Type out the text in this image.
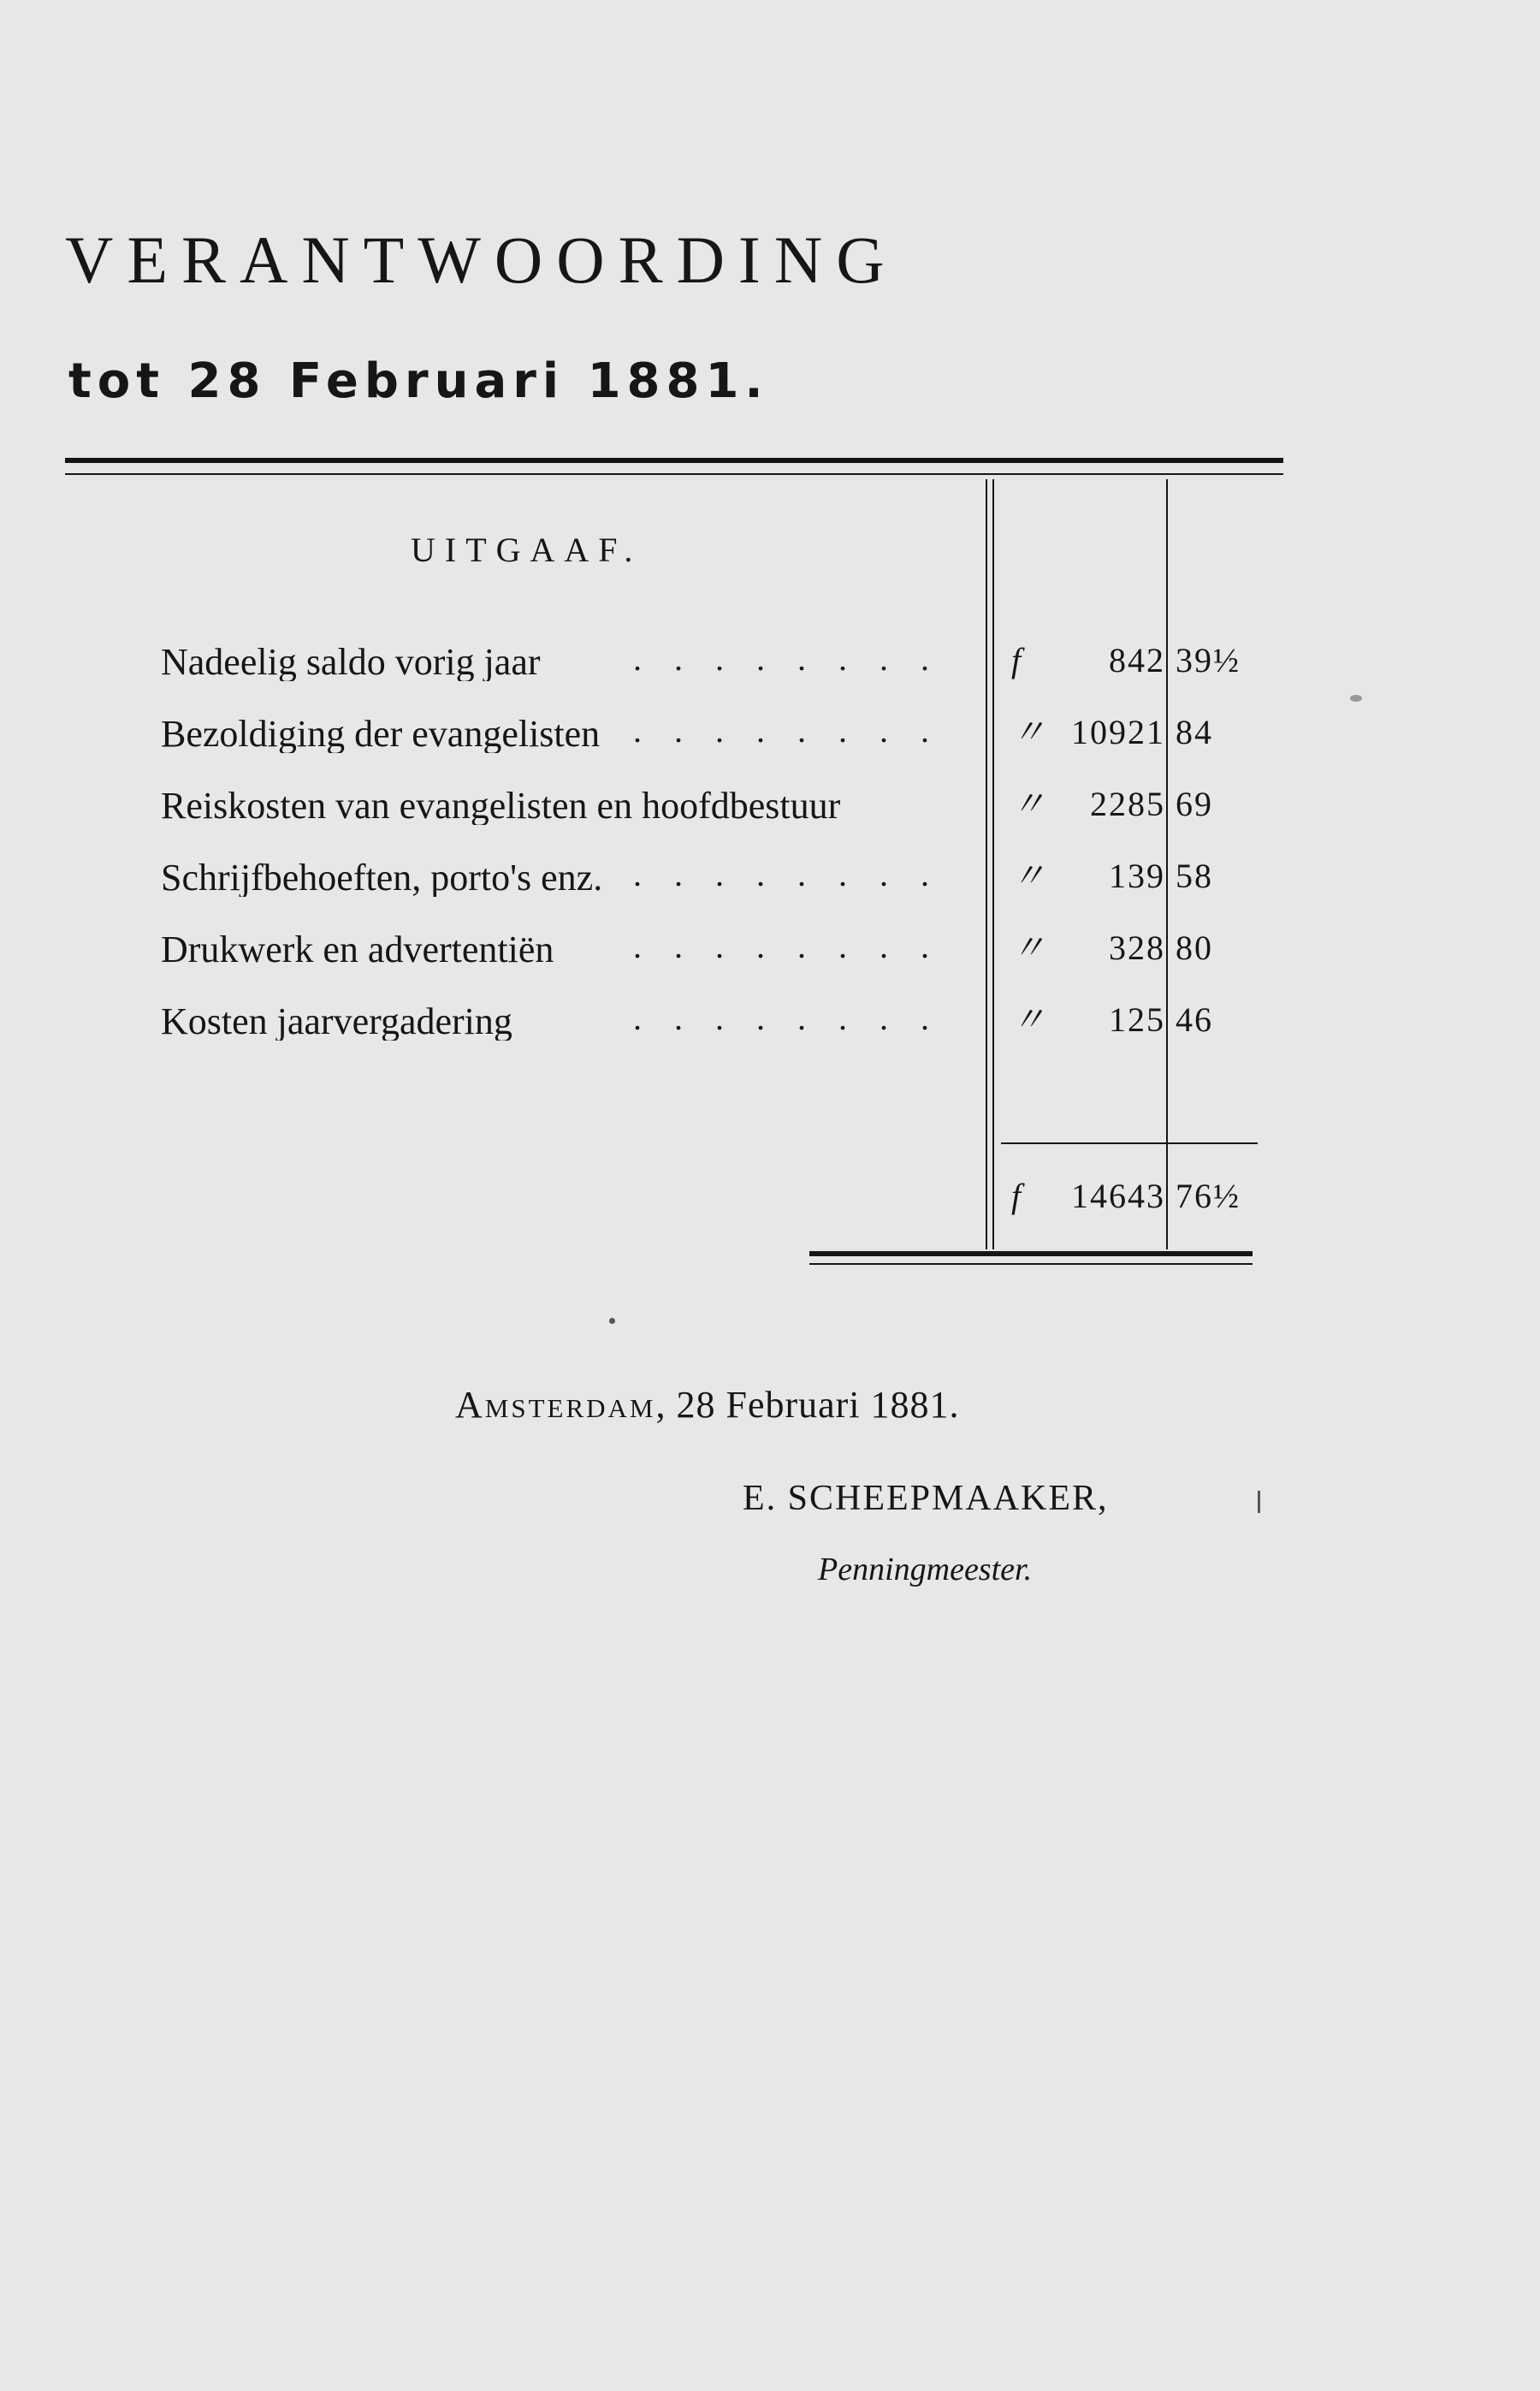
VERANTWOORDING
tot 28 Februari 1881.
UITGAAF.
Nadeelig saldo vorig jaar	. . . . . . . . f	842 39½
Bezoldiging der evangelisten . . . . . . . . 〃 10921 84
Reiskosten van evangelisten en hoofdbestuur	〃	2285 69
Schrijfbehoeften, porto's enz. . . . . . . . . 〃	139 58
Drukwerk en advertentiën	. . . . . . . . 〃	328 80
Kosten jaarvergadering	. . . . . . . . 〃	125 46
f	14643 76½
Amsterdam, 28 Februari 1881.
E. SCHEEPMAAKER,
Penningmeester.
